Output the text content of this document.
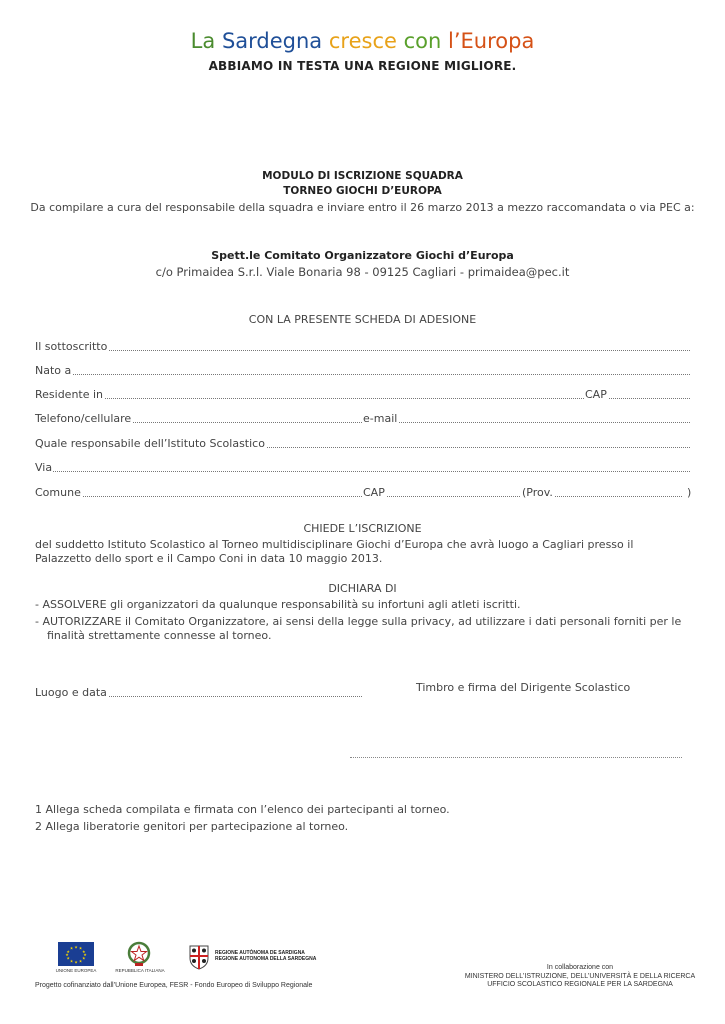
La Sardegna cresce con l’Europa
ABBIAMO IN TESTA UNA REGIONE MIGLIORE.
MODULO DI ISCRIZIONE SQUADRA
TORNEO GIOCHI D’EUROPA
Da compilare a cura del responsabile della squadra e inviare entro il 26 marzo 2013 a mezzo raccomandata o via PEC a:
Spett.le Comitato Organizzatore Giochi d’Europa
c/o Primaidea S.r.l. Viale Bonaria 98 - 09125 Cagliari - primaidea@pec.it
CON LA PRESENTE SCHEDA DI ADESIONE
Il sottoscritto
Nato a
Residente in	CAP
Telefono/cellulare	e-mail
Quale responsabile dell’Istituto Scolastico
Via
Comune	CAP	(Prov.	)
CHIEDE L’ISCRIZIONE
del suddetto Istituto Scolastico al Torneo multidisciplinare Giochi d’Europa che avrà luogo a Cagliari presso il Palazzetto dello sport e il Campo Coni in data 10 maggio 2013.
DICHIARA DI
- ASSOLVERE gli organizzatori da qualunque responsabilità su infortuni agli atleti iscritti.
- AUTORIZZARE il Comitato Organizzatore, ai sensi della legge sulla privacy, ad utilizzare i dati personali forniti per le finalità strettamente connesse al torneo.
Luogo e data	Timbro e firma del Dirigente Scolastico
1 Allega scheda compilata e firmata con l’elenco dei partecipanti al torneo.
2 Allega liberatorie genitori per partecipazione al torneo.
★ ★
★
★
★
★
★
★
★
★
★
★
UNIONE EUROPEA	REPUBBLICA ITALIANA
REGIONE AUTÒNOMA DE SARDIGNA
REGIONE AUTONOMA DELLA SARDEGNA
Progetto cofinanziato dall’Unione Europea, FESR - Fondo Europeo di Sviluppo Regionale
In collaborazione con
MINISTERO DELL’ISTRUZIONE, DELL’UNIVERSITÀ E DELLA RICERCA
UFFICIO SCOLASTICO REGIONALE PER LA SARDEGNA
